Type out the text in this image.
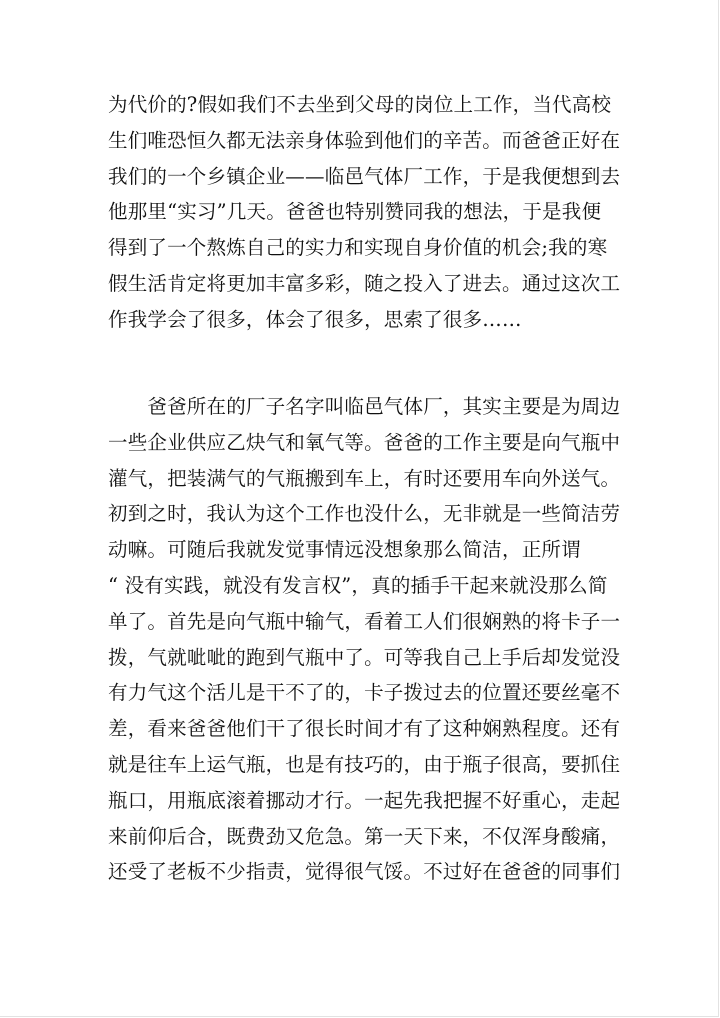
为代价的?假如我们不去坐到父母的岗位上工作，当代高校
生们唯恐恒久都无法亲身体验到他们的辛苦。而爸爸正好在
我们的一个乡镇企业——临邑气体厂工作，于是我便想到去
他那里“实习”几天。爸爸也特别赞同我的想法，于是我便
得到了一个熬炼自己的实力和实现自身价值的机会;我的寒
假生活肯定将更加丰富多彩，随之投入了进去。通过这次工
作我学会了很多，体会了很多，思索了很多……
　　爸爸所在的厂子名字叫临邑气体厂，其实主要是为周边
一些企业供应乙炔气和氧气等。爸爸的工作主要是向气瓶中
灌气，把装满气的气瓶搬到车上，有时还要用车向外送气。
初到之时，我认为这个工作也没什么，无非就是一些简洁劳
动嘛。可随后我就发觉事情远没想象那么简洁，正所谓
“ 没有实践，就没有发言权”，真的插手干起来就没那么简
单了。首先是向气瓶中输气，看着工人们很娴熟的将卡子一
拨，气就呲呲的跑到气瓶中了。可等我自己上手后却发觉没
有力气这个活儿是干不了的，卡子拨过去的位置还要丝毫不
差，看来爸爸他们干了很长时间才有了这种娴熟程度。还有
就是往车上运气瓶，也是有技巧的，由于瓶子很高，要抓住
瓶口，用瓶底滚着挪动才行。一起先我把握不好重心，走起
来前仰后合，既费劲又危急。第一天下来，不仅浑身酸痛，
还受了老板不少指责，觉得很气馁。不过好在爸爸的同事们
